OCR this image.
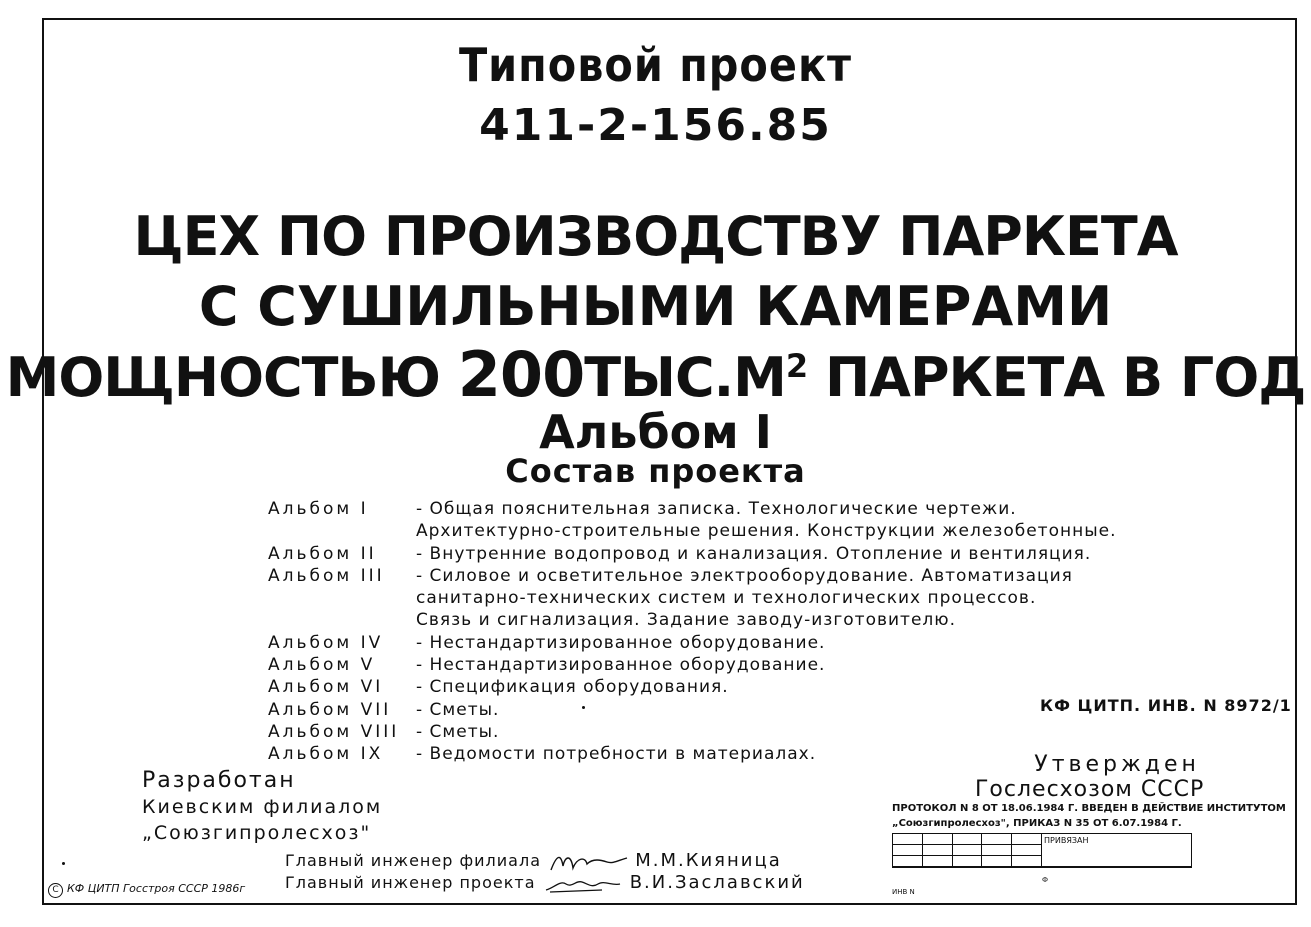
Типовой проект
411-2-156.85
ЦЕХ ПО ПРОИЗВОДСТВУ ПАРКЕТА
С СУШИЛЬНЫМИ КАМЕРАМИ
МОЩНОСТЬЮ $200ТЫС.М^2$ ПАРКЕТА В ГОД
Альбом I
Состав проекта
Альбом I	- Общая пояснительная записка. Технологические чертежи.
Архитектурно-строительные решения. Конструкции железобетонные.
Альбом II	- Внутренние водопровод и канализация. Отопление и вентиляция.
Альбом III	- Силовое и осветительное электрооборудование. Автоматизация
санитарно-технических систем и технологических процессов.
Связь и сигнализация. Задание заводу-изготовителю.
Альбом IV	- Нестандартизированное оборудование.
Альбом V	- Нестандартизированное оборудование.
Альбом VI	- Спецификация оборудования.
Альбом VII	- Сметы.
Альбом VIII - Сметы.
Альбом IX	- Ведомости потребности в материалах.
КФ ЦИТП. ИНВ. N 8972/1
Разработан
Киевским филиалом
„Союзгипролесхоз"
Главный инженер филиала	М.М.Кияница
Главный инженер проекта	В.И.Заславский
Утвержден
Гослесхозом СССР
ПРОТОКОЛ N 8 ОТ 18.06.1984 Г. ВВЕДЕН В ДЕЙСТВИЕ ИНСТИТУТОМ
„Союзгипролесхоз", ПРИКАЗ N 35 ОТ 6.07.1984 Г.

ПРИВЯЗАН
Ф
ИНВ N
C КФ ЦИТП Госстроя СССР 1986г
